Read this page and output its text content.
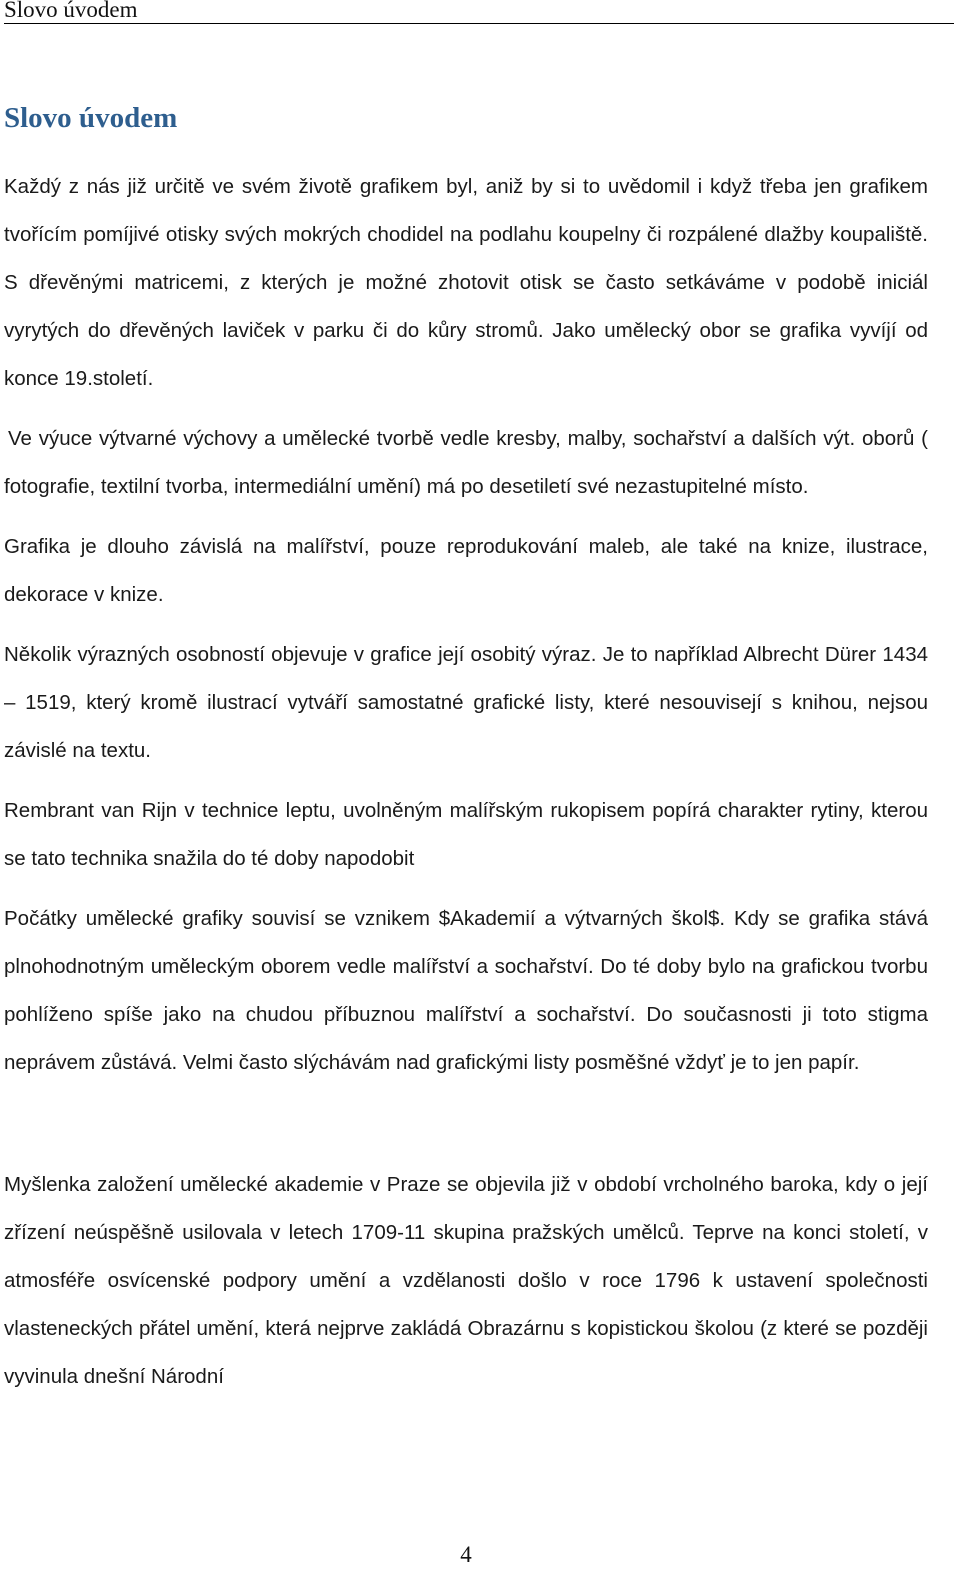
Slovo úvodem
Slovo úvodem

Každý z nás již určitě ve svém životě grafikem byl, aniž by si to uvědomil i když třeba jen grafikem tvořícím pomíjivé otisky svých mokrých chodidel na podlahu koupelny či rozpálené dlažby koupaliště. S dřevěnými matricemi, z kterých je možné zhotovit otisk se často setkáváme v podobě iniciál vyrytých do dřevěných laviček v parku či do kůry stromů. Jako umělecký obor se grafika vyvíjí od konce 19.století.

Ve výuce výtvarné výchovy a umělecké tvorbě vedle kresby, malby, sochařství a dalších výt. oborů ( fotografie, textilní tvorba, intermediální umění) má po desetiletí své nezastupitelné místo.

Grafika je dlouho závislá na malířství, pouze reprodukování maleb, ale také na knize, ilustrace, dekorace v knize.

Několik výrazných osobností objevuje v grafice její osobitý výraz. Je to například Albrecht Dürer 1434 – 1519, který kromě ilustrací vytváří samostatné grafické listy, které nesouvisejí s knihou, nejsou závislé na textu.

Rembrant van Rijn v technice leptu, uvolněným malířským rukopisem popírá charakter rytiny, kterou se tato technika snažila do té doby napodobit

Počátky umělecké grafiky souvisí se vznikem $Akademií a výtvarných škol$. Kdy se grafika stává plnohodnotným uměleckým oborem vedle malířství a sochařství. Do té doby bylo na grafickou tvorbu pohlíženo spíše jako na chudou příbuznou malířství a sochařství. Do současnosti ji toto stigma neprávem zůstává. Velmi často slýchávám nad grafickými listy posměšné vždyť je to jen papír.

Myšlenka založení umělecké akademie v Praze se objevila již v období vrcholného baroka, kdy o její zřízení neúspěšně usilovala v letech 1709-11 skupina pražských umělců. Teprve na konci století, v atmosféře osvícenské podpory umění a vzdělanosti došlo v roce 1796 k ustavení společnosti vlasteneckých přátel umění, která nejprve zakládá Obrazárnu s kopistickou školou (z které se později vyvinula dnešní Národní

4
